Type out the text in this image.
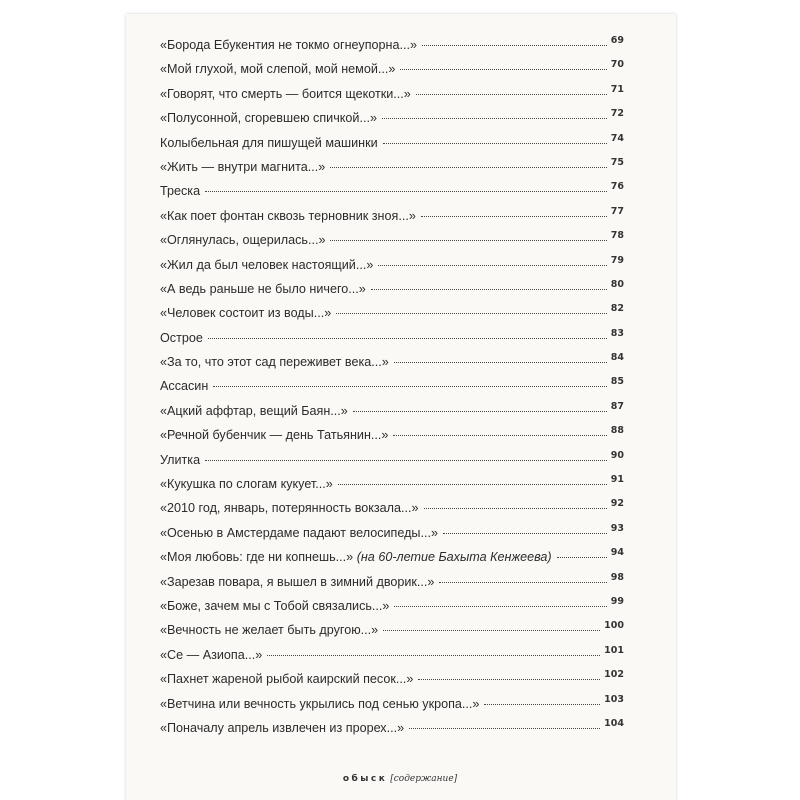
«Борода Ебукентия не токмо огнеупорна...»	69
«Мой глухой, мой слепой, мой немой...»	70
«Говорят, что смерть — боится щекотки...»	71
«Полусонной, сгоревшею спичкой...»	72
Колыбельная для пишущей машинки	74
«Жить — внутри магнита...»	75
Треска	76
«Как поет фонтан сквозь терновник зноя...»	77
«Оглянулась, ощерилась...»	78
«Жил да был человек настоящий...»	79
«А ведь раньше не было ничего...»	80
«Человек состоит из воды...»	82
Острое	83
«За то, что этот сад переживет века...»	84
Ассасин	85
«Ацкий аффтар, вещий Баян...»	87
«Речной бубенчик — день Татьянин...»	88
Улитка	90
«Кукушка по слогам кукует...»	91
«2010 год, январь, потерянность вокзала...»	92
«Осенью в Амстердаме падают велосипеды...»	93
«Моя любовь: где ни копнешь...» (на 60-летие Бахыта Кенжеева)	94
«Зарезав повара, я вышел в зимний дворик...»	98
«Боже, зачем мы с Тобой связались...»	99
«Вечность не желает быть другою...»	100
«Се — Азиопа...»	101
«Пахнет жареной рыбой каирский песок...»	102
«Ветчина или вечность укрылись под сенью укропа...»	103
«Поначалу апрель извлечен из прорех...»	104
обыск [содержание]
